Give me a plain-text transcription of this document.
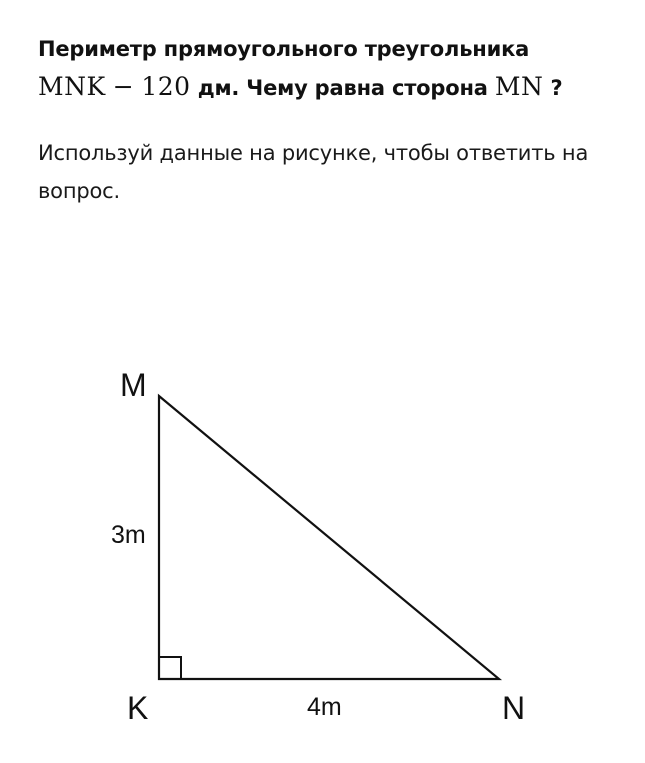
Периметр прямоугольного треугольника
MNK − 120 дм. Чему равна сторона MN ?
Используй данные на рисунке, чтобы ответить на вопрос.
M
K	N
3m
4m
